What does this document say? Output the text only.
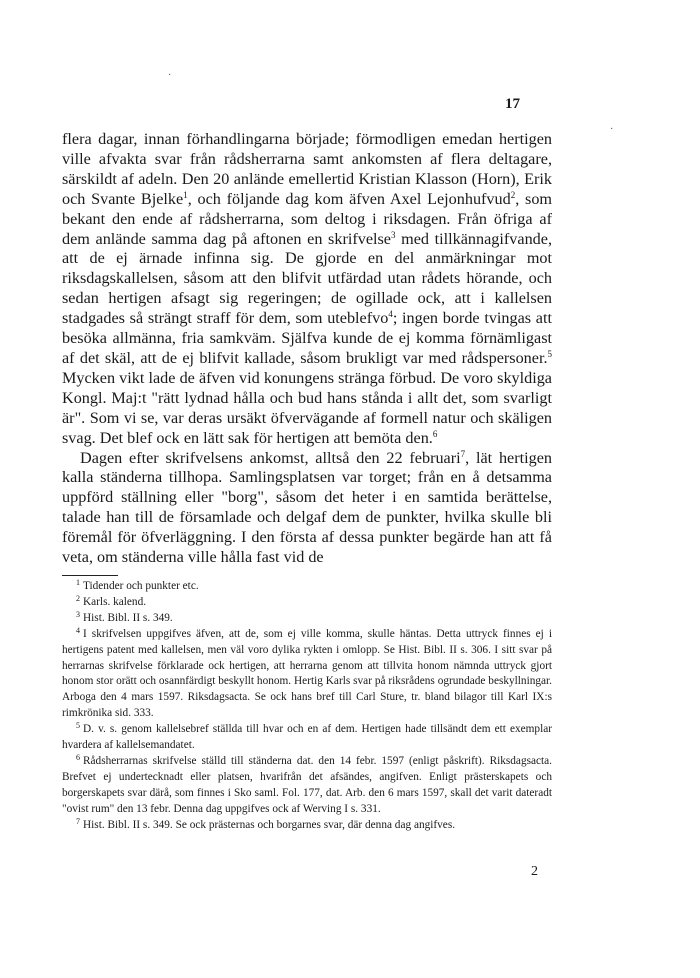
17
·
·

flera dagar, innan förhandlingarna började; förmodligen emedan hertigen ville afvakta svar från rådsherrarna samt ankomsten af flera deltagare, särskildt af adeln. Den 20 anlände emellertid Kristian Klasson (Horn), Erik och Svante Bjelke$^1$, och följande dag kom äfven Axel Lejonhufvud$^2$, som bekant den ende af rådsherrarna, som deltog i riksdagen. Från öfriga af dem anlände samma dag på aftonen en skrifvelse$^3$ med tillkännagifvande, att de ej ärnade infinna sig. De gjorde en del anmärkningar mot riksdagskallelsen, såsom att den blifvit utfärdad utan rådets hörande, och sedan hertigen afsagt sig regeringen; de ogillade ock, att i kallelsen stadgades så strängt straff för dem, som uteblefvo$^4$; ingen borde tvingas att besöka allmänna, fria samkväm. Själfva kunde de ej komma förnämligast af det skäl, att de ej blifvit kallade, såsom brukligt var med rådspersoner.$^5$ Mycken vikt lade de äfven vid konungens stränga förbud. De voro skyldiga Kongl. Maj:t "rätt lydnad hålla och bud hans stånda i allt det, som svarligt är". Som vi se, var deras ursäkt öfvervägande af formell natur och skäligen svag. Det blef ock en lätt sak för hertigen att bemöta den.$^6$

Dagen efter skrifvelsens ankomst, alltså den 22 februari$^7$, lät hertigen kalla ständerna tillhopa. Samlingsplatsen var torget; från en å detsamma uppförd ställning eller "borg", såsom det heter i en samtida berättelse, talade han till de församlade och delgaf dem de punkter, hvilka skulle bli föremål för öfverläggning. I den första af dessa punkter begärde han att få veta, om ständerna ville hålla fast vid de

$^1$ Tidender och punkter etc.

$^2$ Karls. kalend.

$^3$ Hist. Bibl. II s. 349.

$^4$ I skrifvelsen uppgifves äfven, att de, som ej ville komma, skulle häntas. Detta uttryck finnes ej i hertigens patent med kallelsen, men väl voro dylika rykten i omlopp. Se Hist. Bibl. II s. 306. I sitt svar på herrarnas skrifvelse förklarade ock hertigen, att herrarna genom att tillvita honom nämnda uttryck gjort honom stor orätt och osannfärdigt beskyllt honom. Hertig Karls svar på riksrådens ogrundade beskyllningar. Arboga den 4 mars 1597. Riksdagsacta. Se ock hans bref till Carl Sture, tr. bland bilagor till Karl IX:s rimkrönika sid. 333.

$^5$ D. v. s. genom kallelsebref ställda till hvar och en af dem. Hertigen hade tillsändt dem ett exemplar hvardera af kallelsemandatet.

$^6$ Rådsherrarnas skrifvelse ställd till ständerna dat. den 14 febr. 1597 (enligt påskrift). Riksdagsacta. Brefvet ej undertecknadt eller platsen, hvarifrån det afsändes, angifven. Enligt prästerskapets och borgerskapets svar därå, som finnes i Sko saml. Fol. 177, dat. Arb. den 6 mars 1597, skall det varit dateradt "ovist rum" den 13 febr. Denna dag uppgifves ock af Werving I s. 331.

$^7$ Hist. Bibl. II s. 349. Se ock prästernas och borgarnes svar, där denna dag angifves.

2
